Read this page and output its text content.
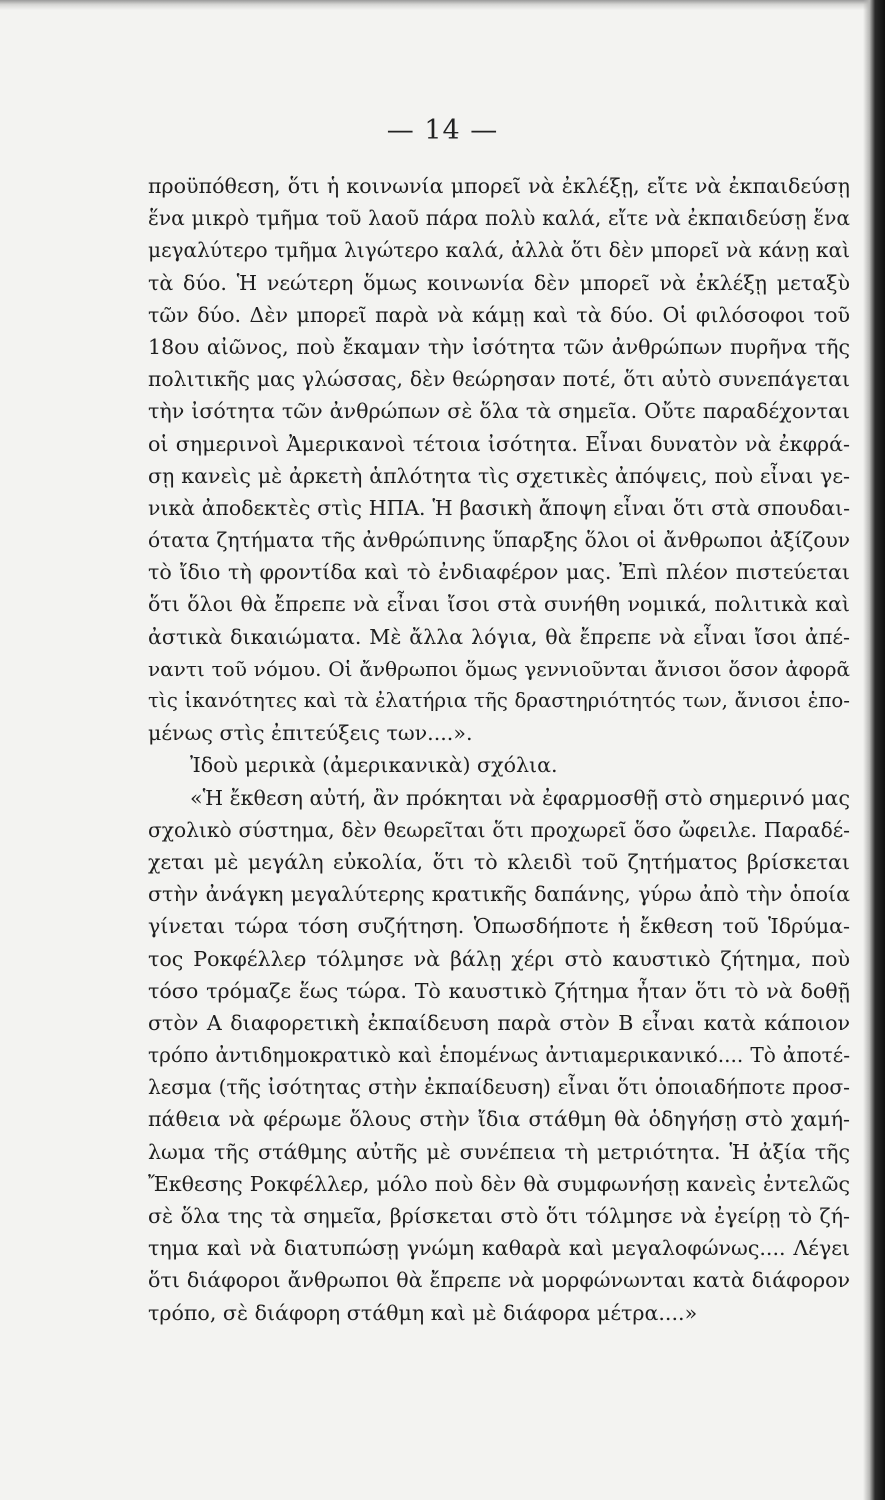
— 14 —
προϋπόθεση, ὅτι ἡ κοινωνία μπορεῖ νὰ ἐκλέξῃ, εἴτε νὰ ἐκπαιδεύσῃ
ἕνα μικρὸ τμῆμα τοῦ λαοῦ πάρα πολὺ καλά, εἴτε νὰ ἐκπαιδεύσῃ ἕνα
μεγαλύτερο τμῆμα λιγώτερο καλά, ἀλλὰ ὅτι δὲν μπορεῖ νὰ κάνῃ καὶ
τὰ δύο. Ἡ νεώτερη ὅμως κοινωνία δὲν μπορεῖ νὰ ἐκλέξῃ μεταξὺ
τῶν δύο. Δὲν μπορεῖ παρὰ νὰ κάμῃ καὶ τὰ δύο. Οἱ φιλόσοφοι τοῦ
18ου αἰῶνος, ποὺ ἔκαμαν τὴν ἰσότητα τῶν ἀνθρώπων πυρῆνα τῆς
πολιτικῆς μας γλώσσας, δὲν θεώρησαν ποτέ, ὅτι αὐτὸ συνεπάγεται
τὴν ἰσότητα τῶν ἀνθρώπων σὲ ὅλα τὰ σημεῖα. Οὔτε παραδέχονται
οἱ σημερινοὶ Ἀμερικανοὶ τέτοια ἰσότητα. Εἶναι δυνατὸν νὰ ἐκφρά-
σῃ κανεὶς μὲ ἀρκετὴ ἁπλότητα τὶς σχετικὲς ἀπόψεις, ποὺ εἶναι γε-
νικὰ ἀποδεκτὲς στὶς ΗΠΑ. Ἡ βασικὴ ἄποψη εἶναι ὅτι στὰ σπουδαι-
ότατα ζητήματα τῆς ἀνθρώπινης ὕπαρξης ὅλοι οἱ ἄνθρωποι ἀξίζουν
τὸ ἴδιο τὴ φροντίδα καὶ τὸ ἐνδιαφέρον μας. Ἐπὶ πλέον πιστεύεται
ὅτι ὅλοι θὰ ἔπρεπε νὰ εἶναι ἴσοι στὰ συνήθη νομικά, πολιτικὰ καὶ
ἀστικὰ δικαιώματα. Μὲ ἄλλα λόγια, θὰ ἔπρεπε νὰ εἶναι ἴσοι ἀπέ-
ναντι τοῦ νόμου. Οἱ ἄνθρωποι ὅμως γεννιοῦνται ἄνισοι ὅσον ἀφορᾶ
τὶς ἱκανότητες καὶ τὰ ἐλατήρια τῆς δραστηριότητός των, ἄνισοι ἑπο-
μένως στὶς ἐπιτεύξεις των....».
Ἰδοὺ μερικὰ (ἀμερικανικὰ) σχόλια.
«Ἡ ἔκθεση αὐτή, ἂν πρόκηται νὰ ἐφαρμοσθῇ στὸ σημερινό μας
σχολικὸ σύστημα, δὲν θεωρεῖται ὅτι προχωρεῖ ὅσο ὤφειλε. Παραδέ-
χεται μὲ μεγάλη εὐκολία, ὅτι τὸ κλειδὶ τοῦ ζητήματος βρίσκεται
στὴν ἀνάγκη μεγαλύτερης κρατικῆς δαπάνης, γύρω ἀπὸ τὴν ὁποία
γίνεται τώρα τόση συζήτηση. Ὁπωσδήποτε ἡ ἔκθεση τοῦ Ἱδρύμα-
τος Ροκφέλλερ τόλμησε νὰ βάλῃ χέρι στὸ καυστικὸ ζήτημα, ποὺ
τόσο τρόμαζε ἕως τώρα. Τὸ καυστικὸ ζήτημα ἦταν ὅτι τὸ νὰ δοθῇ
στὸν Α διαφορετικὴ ἐκπαίδευση παρὰ στὸν Β εἶναι κατὰ κάποιον
τρόπο ἀντιδημοκρατικὸ καὶ ἑπομένως ἀντιαμερικανικό.... Τὸ ἀποτέ-
λεσμα (τῆς ἰσότητας στὴν ἐκπαίδευση) εἶναι ὅτι ὁποιαδήποτε προσ-
πάθεια νὰ φέρωμε ὅλους στὴν ἴδια στάθμη θὰ ὁδηγήσῃ στὸ χαμή-
λωμα τῆς στάθμης αὐτῆς μὲ συνέπεια τὴ μετριότητα. Ἡ ἀξία τῆς
Ἔκθεσης Ροκφέλλερ, μόλο ποὺ δὲν θὰ συμφωνήσῃ κανεὶς ἐντελῶς
σὲ ὅλα της τὰ σημεῖα, βρίσκεται στὸ ὅτι τόλμησε νὰ ἐγείρῃ τὸ ζή-
τημα καὶ νὰ διατυπώσῃ γνώμη καθαρὰ καὶ μεγαλοφώνως.... Λέγει
ὅτι διάφοροι ἄνθρωποι θὰ ἔπρεπε νὰ μορφώνωνται κατὰ διάφορον
τρόπο, σὲ διάφορη στάθμη καὶ μὲ διάφορα μέτρα....»
